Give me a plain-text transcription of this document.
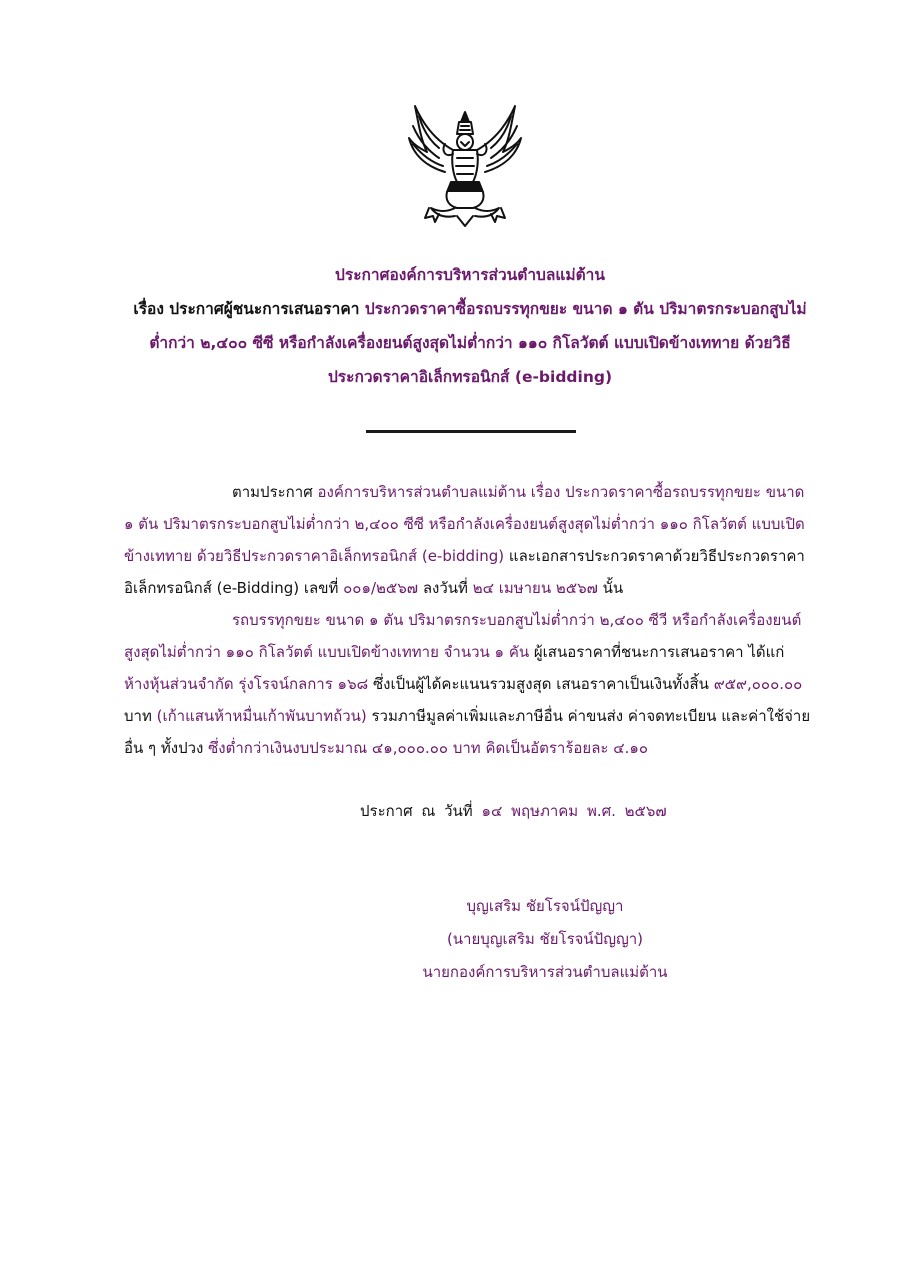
ประกาศองค์การบริหารส่วนตำบลแม่ต้าน
เรื่อง ประกาศผู้ชนะการเสนอราคา ประกวดราคาซื้อรถบรรทุกขยะ ขนาด ๑ ตัน ปริมาตรกระบอกสูบไม่
ต่ำกว่า ๒,๔๐๐ ซีซี หรือกำลังเครื่องยนต์สูงสุดไม่ต่ำกว่า ๑๑๐ กิโลวัตต์ แบบเปิดข้างเททาย ด้วยวิธี
ประกวดราคาอิเล็กทรอนิกส์ (e-bidding)
ตามประกาศ องค์การบริหารส่วนตำบลแม่ต้าน เรื่อง ประกวดราคาซื้อรถบรรทุกขยะ ขนาด
๑ ตัน ปริมาตรกระบอกสูบไม่ต่ำกว่า ๒,๔๐๐ ซีซี หรือกำลังเครื่องยนต์สูงสุดไม่ต่ำกว่า ๑๑๐ กิโลวัตต์ แบบเปิด
ข้างเททาย ด้วยวิธีประกวดราคาอิเล็กทรอนิกส์ (e-bidding) และเอกสารประกวดราคาด้วยวิธีประกวดราคา
อิเล็กทรอนิกส์ (e-Bidding) เลขที่ ๐๐๑/๒๕๖๗ ลงวันที่ ๒๔ เมษายน ๒๕๖๗ นั้น
รถบรรทุกขยะ ขนาด ๑ ตัน ปริมาตรกระบอกสูบไม่ต่ำกว่า ๒,๔๐๐ ซีวี หรือกำลังเครื่องยนต์
สูงสุดไม่ต่ำกว่า ๑๑๐ กิโลวัตต์ แบบเปิดข้างเททาย จำนวน ๑ คัน ผู้เสนอราคาที่ชนะการเสนอราคา ได้แก่
ห้างหุ้นส่วนจำกัด รุ่งโรจน์กลการ ๑๖๘ ซึ่งเป็นผู้ได้คะแนนรวมสูงสุด เสนอราคาเป็นเงินทั้งสิ้น ๙๕๙,๐๐๐.๐๐
บาท (เก้าแสนห้าหมื่นเก้าพันบาทถ้วน) รวมภาษีมูลค่าเพิ่มและภาษีอื่น ค่าขนส่ง ค่าจดทะเบียน และค่าใช้จ่าย
อื่น ๆ ทั้งปวง ซึ่งต่ำกว่าเงินงบประมาณ ๔๑,๐๐๐.๐๐ บาท คิดเป็นอัตราร้อยละ ๔.๑๐
ประกาศ ณ วันที่ ๑๔ พฤษภาคม พ.ศ. ๒๕๖๗
บุญเสริม ชัยโรจน์ปัญญา
(นายบุญเสริม ชัยโรจน์ปัญญา)
นายกองค์การบริหารส่วนตำบลแม่ต้าน
